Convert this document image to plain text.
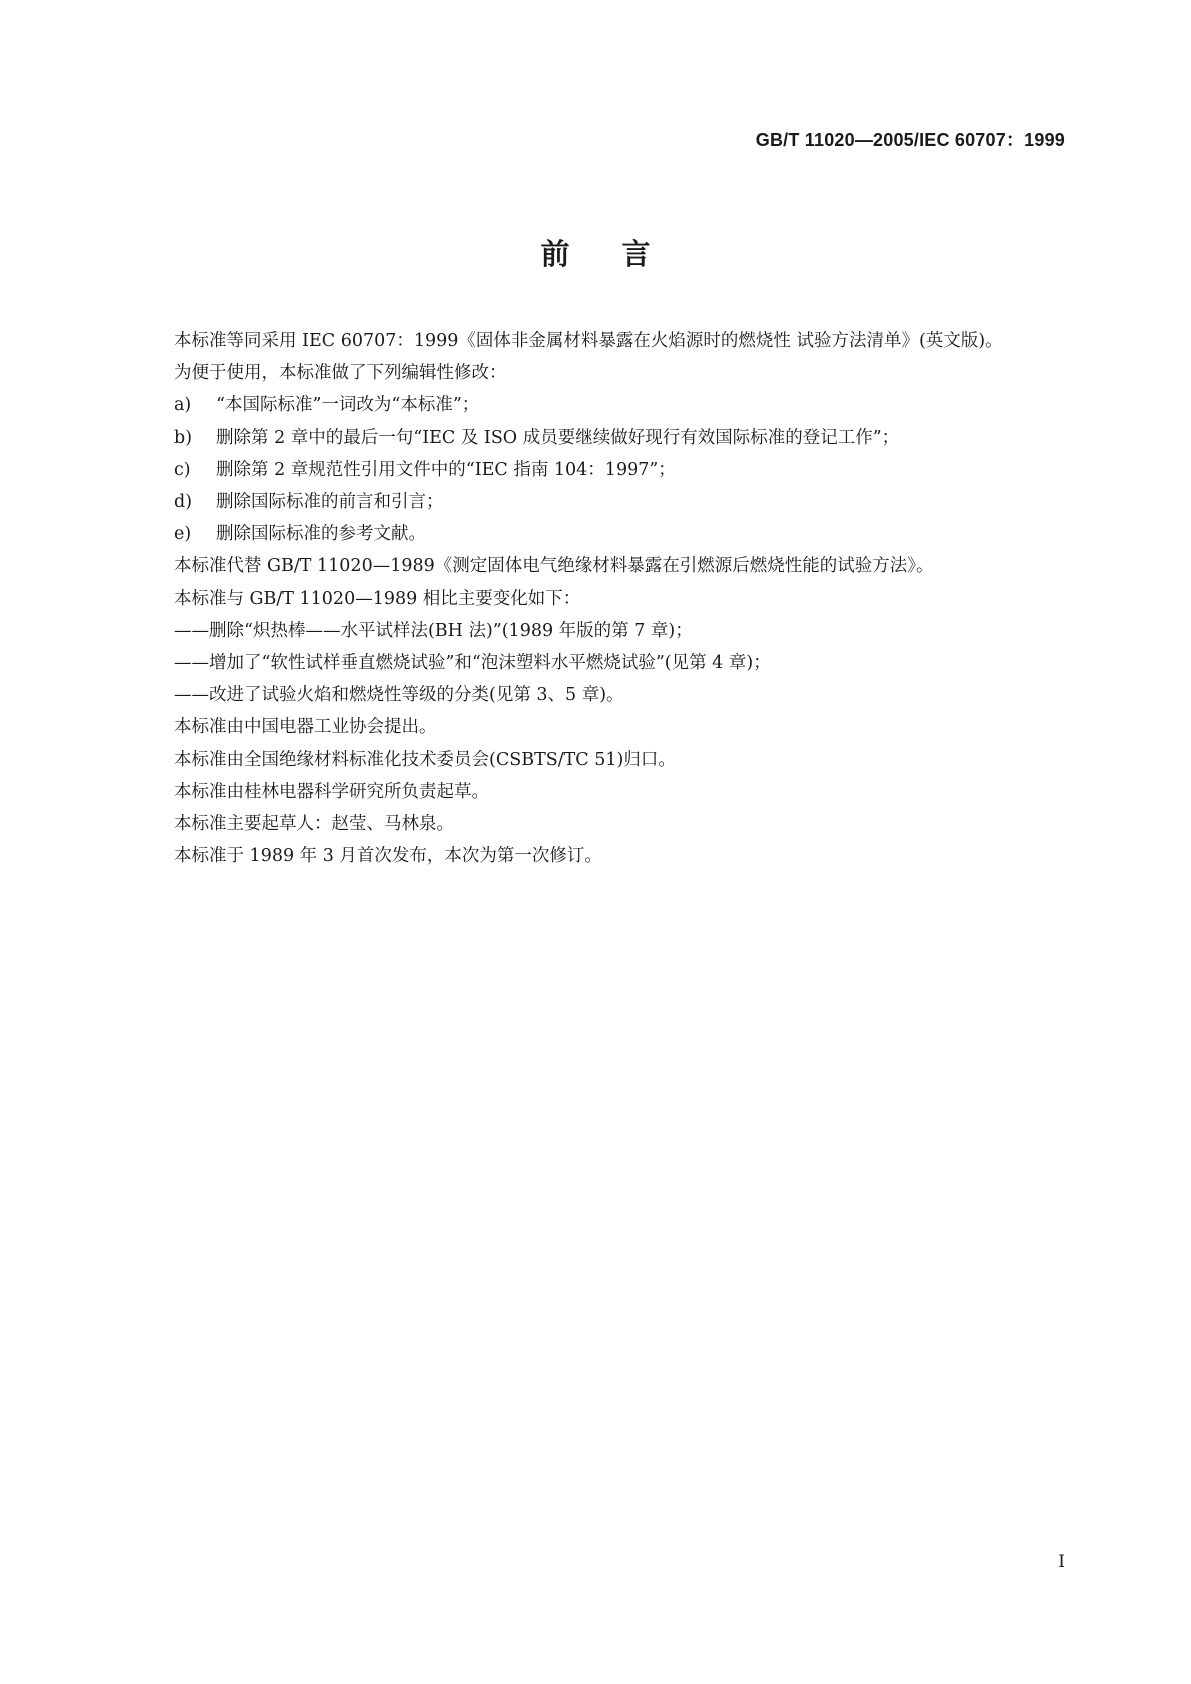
GB/T 11020—2005/IEC 60707：1999
前言

本标准等同采用 IEC 60707：1999《固体非金属材料暴露在火焰源时的燃烧性 试验方法清单》(英文版)。

为便于使用，本标准做了下列编辑性修改：

a) “本国际标准”一词改为“本标准”；

b) 删除第 2 章中的最后一句“IEC 及 ISO 成员要继续做好现行有效国际标准的登记工作”；

c) 删除第 2 章规范性引用文件中的“IEC 指南 104：1997”；

d) 删除国际标准的前言和引言；

e) 删除国际标准的参考文献。

本标准代替 GB/T 11020—1989《测定固体电气绝缘材料暴露在引燃源后燃烧性能的试验方法》。

本标准与 GB/T 11020—1989 相比主要变化如下：

——删除“炽热棒——水平试样法(BH 法)”(1989 年版的第 7 章)；

——增加了“软性试样垂直燃烧试验”和“泡沫塑料水平燃烧试验”(见第 4 章)；

——改进了试验火焰和燃烧性等级的分类(见第 3、5 章)。

本标准由中国电器工业协会提出。

本标准由全国绝缘材料标准化技术委员会(CSBTS/TC 51)归口。

本标准由桂林电器科学研究所负责起草。

本标准主要起草人：赵莹、马林泉。

本标准于 1989 年 3 月首次发布，本次为第一次修订。

I
